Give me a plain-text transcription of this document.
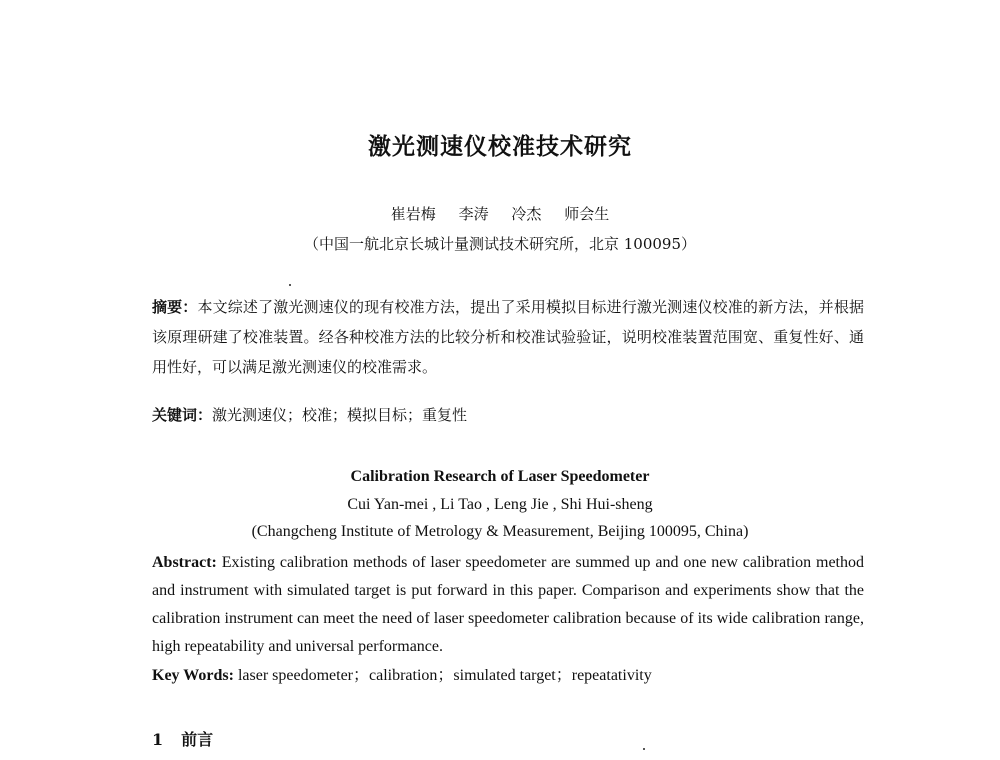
激光测速仪校准技术研究
崔岩梅 李涛 冷杰 师会生
（中国一航北京长城计量测试技术研究所，北京 100095）
摘要：本文综述了激光测速仪的现有校准方法，提出了采用模拟目标进行激光测速仪校准的新方法，并根据该原理研建了校准装置。经各种校准方法的比较分析和校准试验验证，说明校准装置范围宽、重复性好、通用性好，可以满足激光测速仪的校准需求。
关键词：激光测速仪；校准；模拟目标；重复性
Calibration Research of Laser Speedometer
Cui Yan-mei , Li Tao , Leng Jie , Shi Hui-sheng
(Changcheng Institute of Metrology & Measurement, Beijing 100095, China)
Abstract: Existing calibration methods of laser speedometer are summed up and one new calibration method and instrument with simulated target is put forward in this paper. Comparison and experiments show that the calibration instrument can meet the need of laser speedometer calibration because of its wide calibration range, high repeatability and universal performance.
Key Words: laser speedometer；calibration；simulated target；repeatativity
1 前言
